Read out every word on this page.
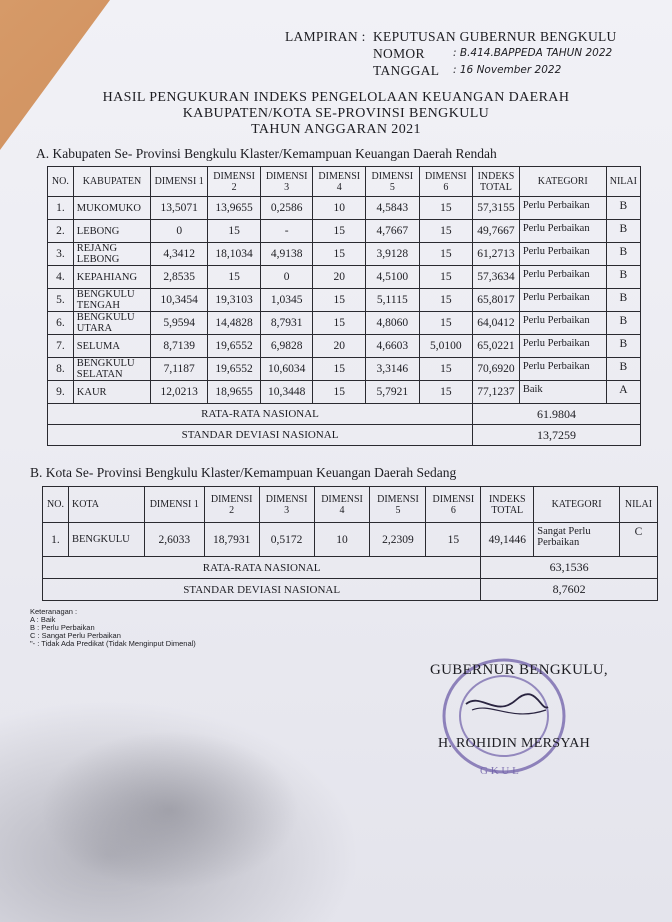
LAMPIRAN : KEPUTUSAN GUBERNUR BENGKULU
NOMOR	: B.414.BAPPEDA TAHUN 2022
TANGGAL	: 16 November 2022
HASIL PENGUKURAN INDEKS PENGELOLAAN KEUANGAN DAERAH
KABUPATEN/KOTA SE-PROVINSI BENGKULU
TAHUN ANGGARAN 2021
A. Kabupaten Se- Provinsi Bengkulu Klaster/Kemampuan Keuangan Daerah Rendah
NO.	KABUPATEN	DIMENSI 1	DIMENSI 2	DIMENSI 3	DIMENSI 4	DIMENSI 5	DIMENSI 6	INDEKS TOTAL	KATEGORI	NILAI
1.	MUKOMUKO	13,5071	13,9655	0,2586	10	4,5843	15	57,3155	Perlu Perbaikan	B
2.	LEBONG	0	15	-	15	4,7667	15	49,7667	Perlu Perbaikan	B
3.	REJANG LEBONG	4,3412	18,1034	4,9138	15	3,9128	15	61,2713	Perlu Perbaikan	B
4.	KEPAHIANG	2,8535	15	0	20	4,5100	15	57,3634	Perlu Perbaikan	B
5.	BENGKULU TENGAH	10,3454	19,3103	1,0345	15	5,1115	15	65,8017	Perlu Perbaikan	B
6.	BENGKULU UTARA	5,9594	14,4828	8,7931	15	4,8060	15	64,0412	Perlu Perbaikan	B
7.	SELUMA	8,7139	19,6552	6,9828	20	4,6603	5,0100	65,0221	Perlu Perbaikan	B
8.	BENGKULU SELATAN	7,1187	19,6552	10,6034	15	3,3146	15	70,6920	Perlu Perbaikan	B
9.	KAUR	12,0213	18,9655	10,3448	15	5,7921	15	77,1237	Baik	A
RATA-RATA NASIONAL								61.9804		
STANDAR DEVIASI NASIONAL								13,7259		
B. Kota Se- Provinsi Bengkulu Klaster/Kemampuan Keuangan Daerah Sedang
NO.	KOTA	DIMENSI 1	DIMENSI 2	DIMENSI 3	DIMENSI 4	DIMENSI 5	DIMENSI 6	INDEKS TOTAL	KATEGORI	NILAI
1.	BENGKULU	2,6033	18,7931	0,5172	10	2,2309	15	49,1446	Sangat Perlu Perbaikan	C
RATA-RATA NASIONAL								63,1536		
STANDAR DEVIASI NASIONAL								8,7602		
Keteranagan :
A : Baik
B : Perlu Perbaikan
C : Sangat Perlu Perbaikan
"- : Tidak Ada Predikat (Tidak Menginput Dimenal)
G K U L
GUBERNUR BENGKULU,
H. ROHIDIN MERSYAH
